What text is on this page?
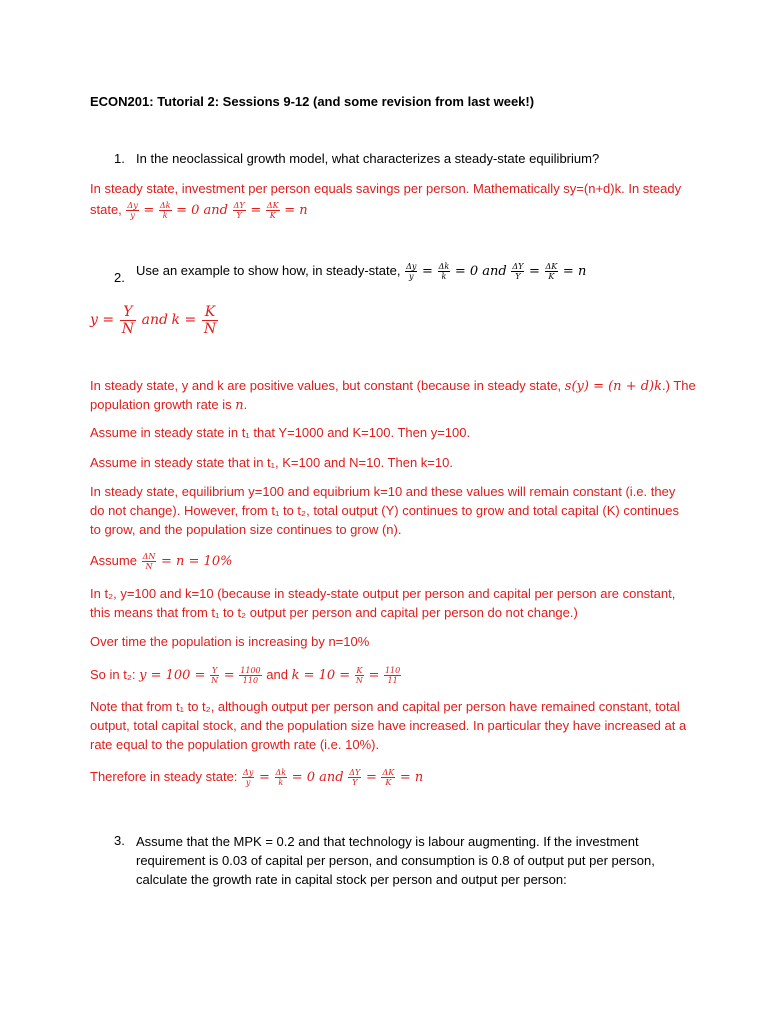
ECON201: Tutorial 2: Sessions 9-12 (and some revision from last week!)
1. In the neoclassical growth model, what characterizes a steady-state equilibrium?
In steady state, investment per person equals savings per person. Mathematically sy=(n+d)k. In steady
state, $\frac{\Delta y}{y} = \frac{\Delta k}{k} = 0$ and $\frac{\Delta Y}{Y} = \frac{\Delta K}{K} = n$
2. Use an example to show how, in steady-state, $\frac{\Delta y}{y} = \frac{\Delta k}{k} = 0$ and $\frac{\Delta Y}{Y} = \frac{\Delta K}{K} = n$
$y = \frac{Y}{N}$ and $k = \frac{K}{N}$
In steady state, y and k are positive values, but constant (because in steady state, s(y) = (n + d)k.) The
population growth rate is n.
Assume in steady state in t₁ that Y=1000 and K=100. Then y=100.
Assume in steady state that in t₁, K=100 and N=10. Then k=10.
In steady state, equilibrium y=100 and equibrium k=10 and these values will remain constant (i.e. they
do not change). However, from t₁ to t₂, total output (Y) continues to grow and total capital (K) continues
to grow, and the population size continues to grow (n).
Assume $\frac{\Delta N}{N} = n = 10\%$
In t₂, y=100 and k=10 (because in steady-state output per person and capital per person are constant,
this means that from t₁ to t₂ output per person and capital per person do not change.)
Over time the population is increasing by n=10%
So in t₂: $y = 100 = \frac{Y}{N} = \frac{1100}{110}$ and $k = 10 = \frac{K}{N} = \frac{110}{11}$
Note that from t₁ to t₂, although output per person and capital per person have remained constant, total
output, total capital stock, and the population size have increased. In particular they have increased at a
rate equal to the population growth rate (i.e. 10%).
Therefore in steady state: $\frac{\Delta y}{y} = \frac{\Delta k}{k} = 0$ and $\frac{\Delta Y}{Y} = \frac{\Delta K}{K} = n$
3. Assume that the MPK = 0.2 and that technology is labour augmenting. If the investment
requirement is 0.03 of capital per person, and consumption is 0.8 of output put per person,
calculate the growth rate in capital stock per person and output per person:
